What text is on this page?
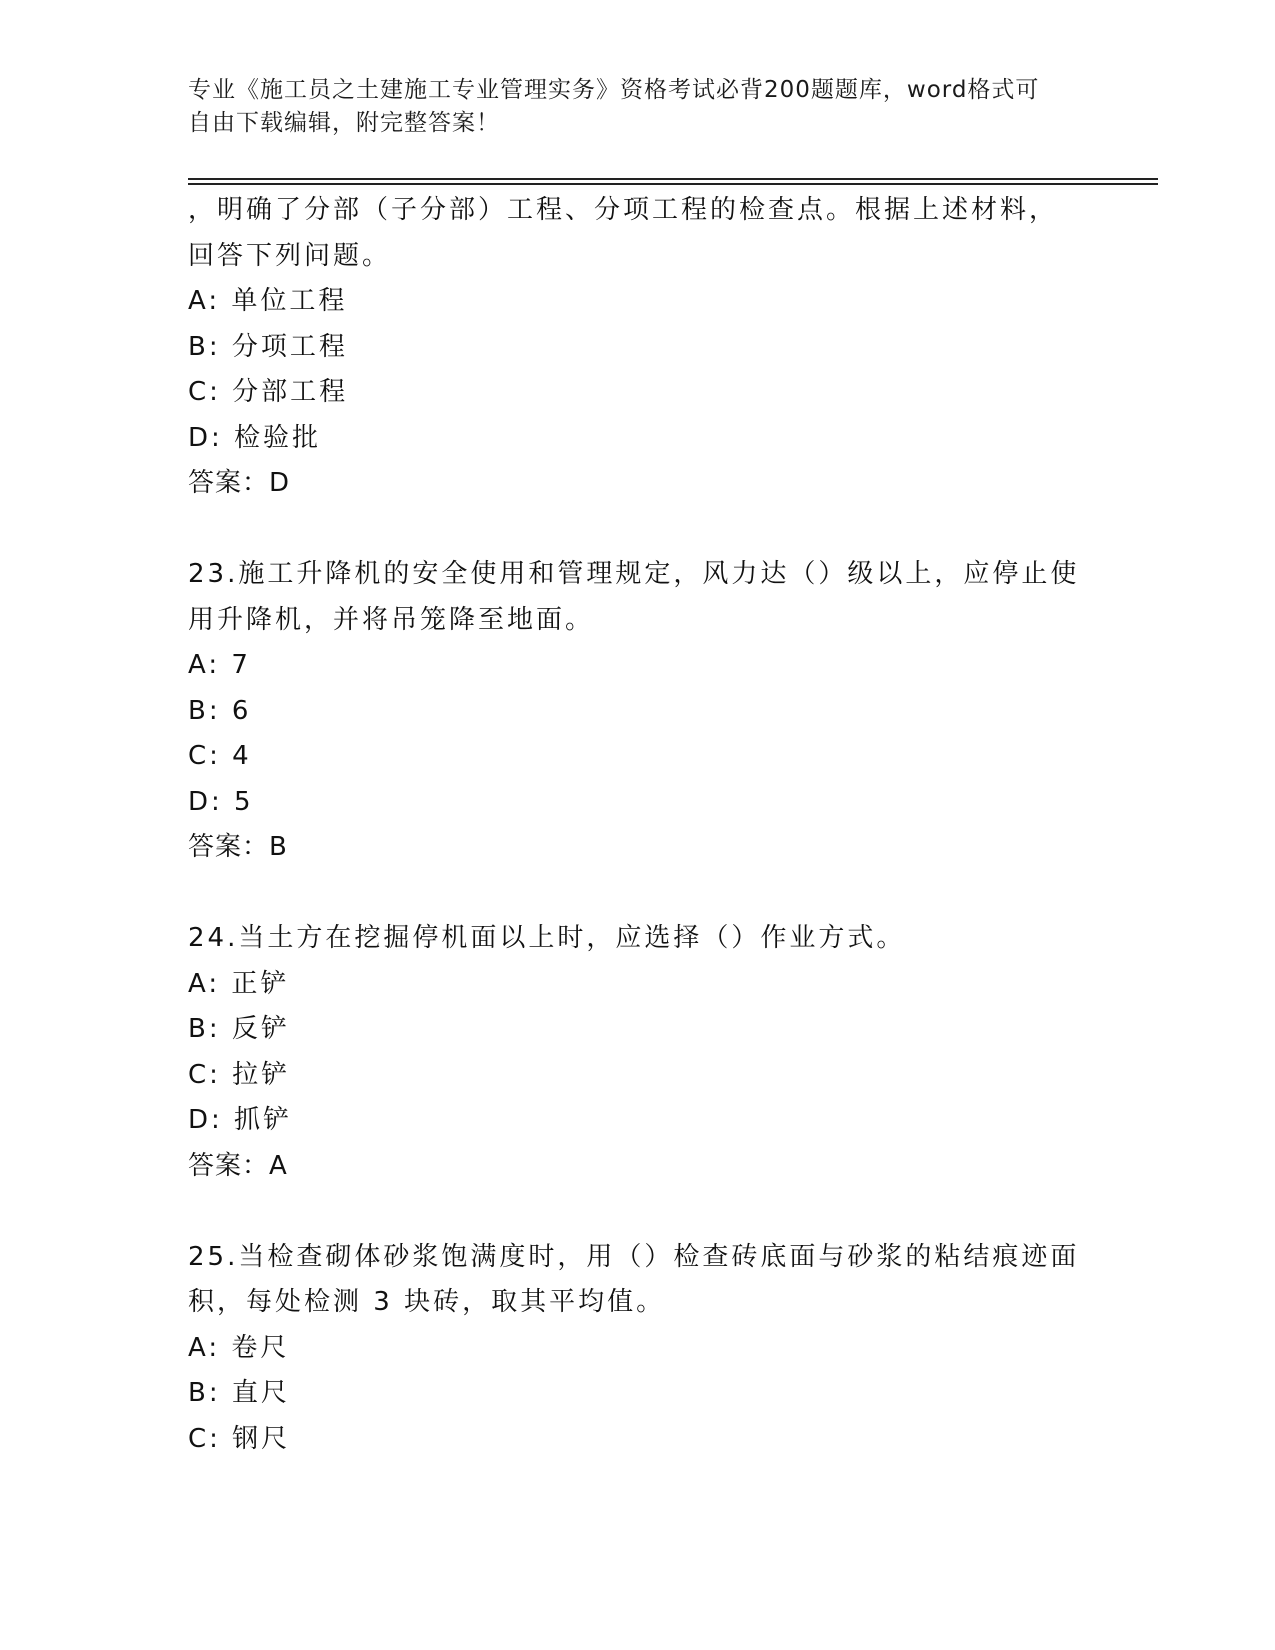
专业《施工员之土建施工专业管理实务》资格考试必背200题题库，word格式可
自由下载编辑，附完整答案！
，明确了分部（子分部）工程、分项工程的检查点。根据上述材料，
回答下列问题。
A: 单位工程
B: 分项工程
C: 分部工程
D: 检验批
答案：D
23.施工升降机的安全使用和管理规定，风力达（）级以上，应停止使
用升降机，并将吊笼降至地面。
A: 7
B: 6
C: 4
D: 5
答案：B
24.当土方在挖掘停机面以上时，应选择（）作业方式。
A: 正铲
B: 反铲
C: 拉铲
D: 抓铲
答案：A
25.当检查砌体砂浆饱满度时，用（）检查砖底面与砂浆的粘结痕迹面
积，每处检测 3 块砖，取其平均值。
A: 卷尺
B: 直尺
C: 钢尺
